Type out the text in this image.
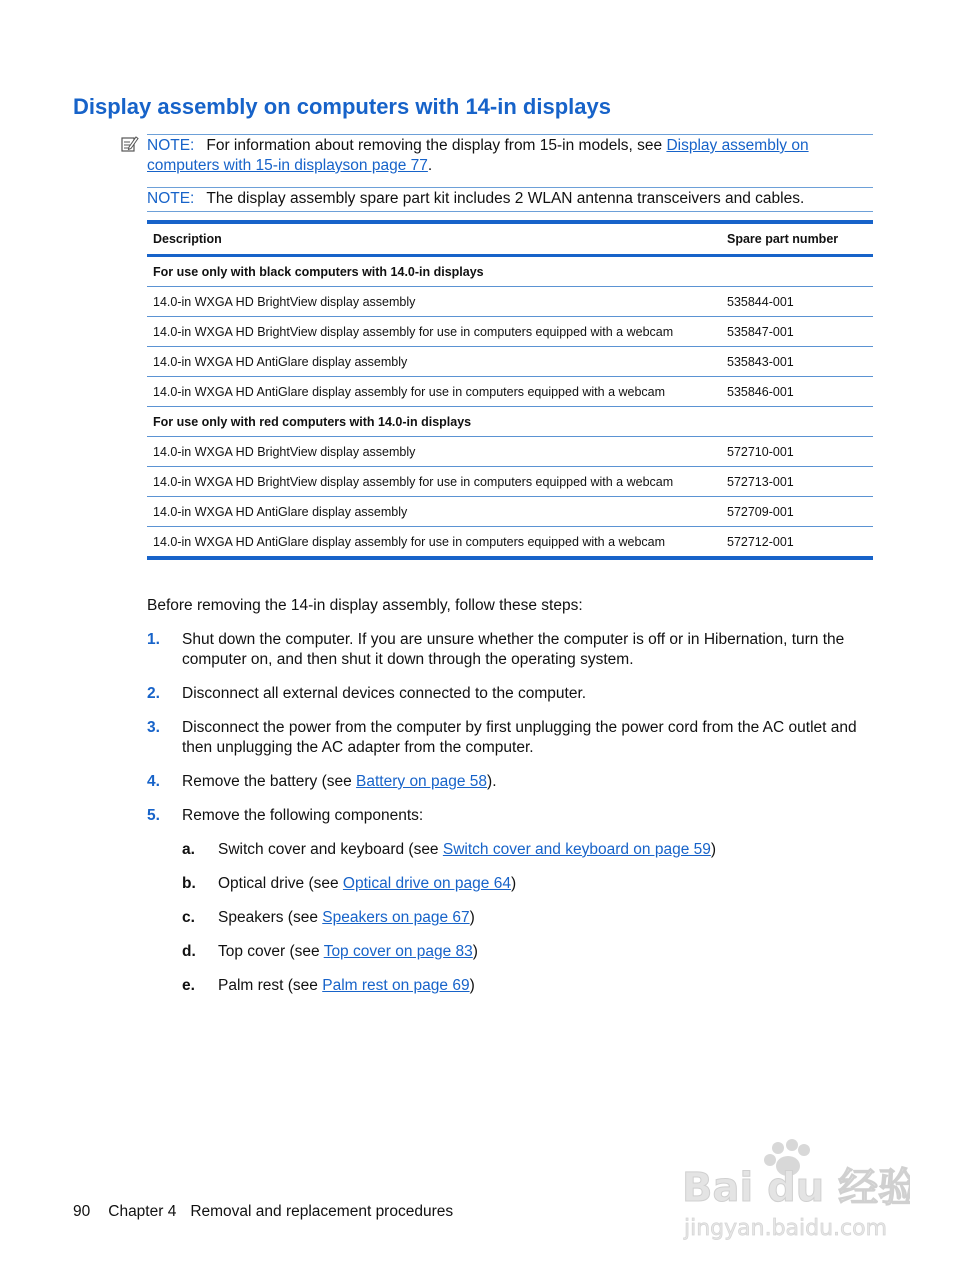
Display assembly on computers with 14-in displays
NOTE: For information about removing the display from 15-in models, see Display assembly on computers with 15-in displayson page 77.
NOTE: The display assembly spare part kit includes 2 WLAN antenna transceivers and cables.
Description	Spare part number
For use only with black computers with 14.0-in displays	
14.0-in WXGA HD BrightView display assembly	535844-001
14.0-in WXGA HD BrightView display assembly for use in computers equipped with a webcam	535847-001
14.0-in WXGA HD AntiGlare display assembly	535843-001
14.0-in WXGA HD AntiGlare display assembly for use in computers equipped with a webcam	535846-001
For use only with red computers with 14.0-in displays	
14.0-in WXGA HD BrightView display assembly	572710-001
14.0-in WXGA HD BrightView display assembly for use in computers equipped with a webcam	572713-001
14.0-in WXGA HD AntiGlare display assembly	572709-001
14.0-in WXGA HD AntiGlare display assembly for use in computers equipped with a webcam	572712-001
Before removing the 14-in display assembly, follow these steps:
1. Shut down the computer. If you are unsure whether the computer is off or in Hibernation, turn the computer on, and then shut it down through the operating system.
2. Disconnect all external devices connected to the computer.
3. Disconnect the power from the computer by first unplugging the power cord from the AC outlet and then unplugging the AC adapter from the computer.
4. Remove the battery (see Battery on page 58).
5. Remove the following components:
a. Switch cover and keyboard (see Switch cover and keyboard on page 59)
b. Optical drive (see Optical drive on page 64)
c. Speakers (see Speakers on page 67)
d. Top cover (see Top cover on page 83)
e. Palm rest (see Palm rest on page 69)
90 Chapter 4 Removal and replacement procedures
Bai du 经验
jingyan.baidu.com
